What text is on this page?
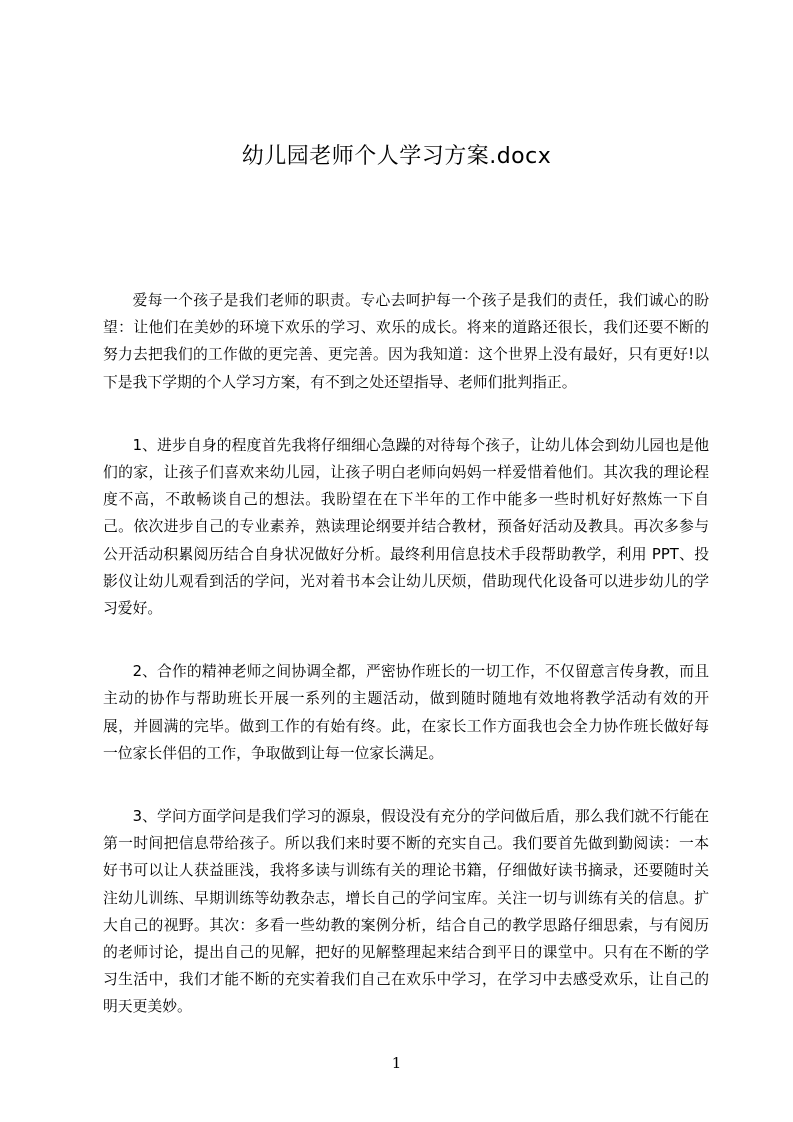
幼儿园老师个人学习方案.docx

爱每一个孩子是我们老师的职责。专心去呵护每一个孩子是我们的责任，我们诚心的盼望：让他们在美妙的环境下欢乐的学习、欢乐的成长。将来的道路还很长，我们还要不断的努力去把我们的工作做的更完善、更完善。因为我知道：这个世界上没有最好，只有更好!以下是我下学期的个人学习方案，有不到之处还望指导、老师们批判指正。

1、进步自身的程度首先我将仔细细心急躁的对待每个孩子，让幼儿体会到幼儿园也是他们的家，让孩子们喜欢来幼儿园，让孩子明白老师向妈妈一样爱惜着他们。其次我的理论程度不高，不敢畅谈自己的想法。我盼望在在下半年的工作中能多一些时机好好熬炼一下自己。依次进步自己的专业素养，熟读理论纲要并结合教材，预备好活动及教具。再次多参与公开活动积累阅历结合自身状况做好分析。最终利用信息技术手段帮助教学，利用 PPT、投影仪让幼儿观看到活的学问，光对着书本会让幼儿厌烦，借助现代化设备可以进步幼儿的学习爱好。

2、合作的精神老师之间协调全都，严密协作班长的一切工作，不仅留意言传身教，而且主动的协作与帮助班长开展一系列的主题活动，做到随时随地有效地将教学活动有效的开展，并圆满的完毕。做到工作的有始有终。此，在家长工作方面我也会全力协作班长做好每一位家长伴侣的工作，争取做到让每一位家长满足。

3、学问方面学问是我们学习的源泉，假设没有充分的学问做后盾，那么我们就不行能在第一时间把信息带给孩子。所以我们来时要不断的充实自己。我们要首先做到勤阅读：一本好书可以让人获益匪浅，我将多读与训练有关的理论书籍，仔细做好读书摘录，还要随时关注幼儿训练、早期训练等幼教杂志，增长自己的学问宝库。关注一切与训练有关的信息。扩大自己的视野。其次：多看一些幼教的案例分析，结合自己的教学思路仔细思索，与有阅历的老师讨论，提出自己的见解，把好的见解整理起来结合到平日的课堂中。只有在不断的学习生活中，我们才能不断的充实着我们自己在欢乐中学习，在学习中去感受欢乐，让自己的明天更美妙。

1
